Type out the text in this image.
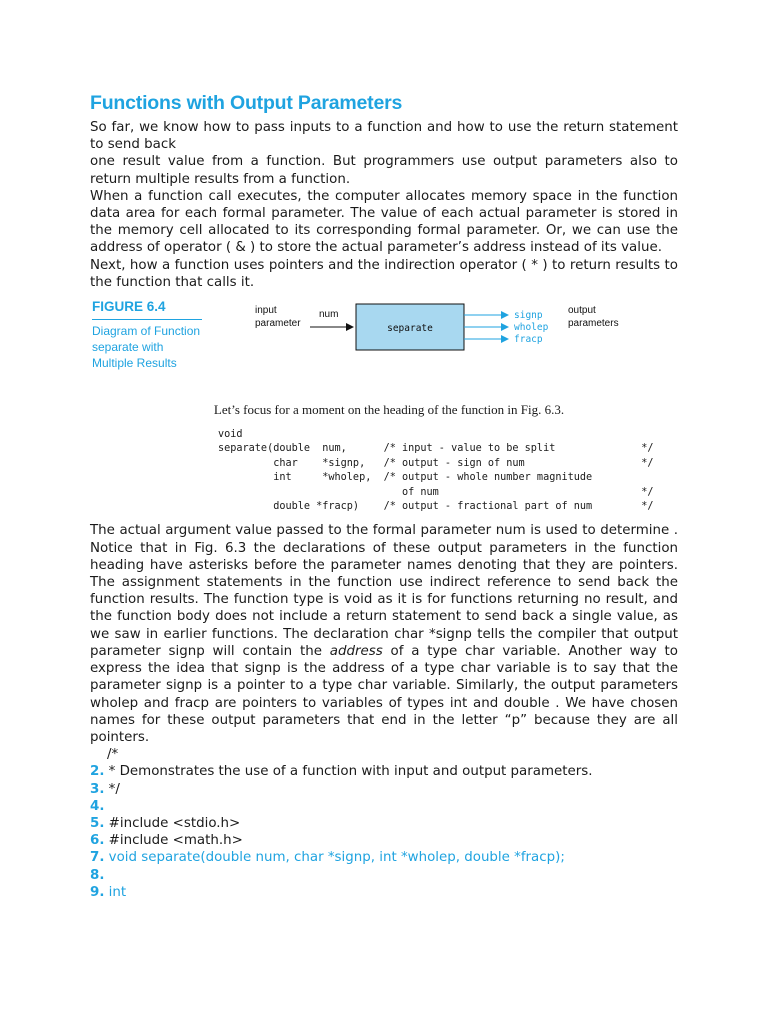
Functions with Output Parameters

So far, we know how to pass inputs to a function and how to use the return statement to send back

one result value from a function. But programmers use output parameters also to return multiple results from a function.

When a function call executes, the computer allocates memory space in the function data area for each formal parameter. The value of each actual parameter is stored in the memory cell allocated to its corresponding formal parameter. Or, we can use the address of operator ( & ) to store the actual parameter’s address instead of its value.

Next, how a function uses pointers and the indirection operator ( * ) to return results to the function that calls it.

FIGURE 6.4
Diagram of Function separate with Multiple Results
input
parameter
num
separate
signp
wholep
fracp
output
parameters
Let’s focus for a moment on the heading of the function in Fig. 6.3.
void
separate(double  num,      /* input - value to be split              */
char    *signp,   /* output - sign of num                   */
int     *wholep,  /* output - whole number magnitude
of num                                 */
double *fracp)    /* output - fractional part of num        */

The actual argument value passed to the formal parameter num is used to determine . Notice that in Fig. 6.3 the declarations of these output parameters in the function heading have asterisks before the parameter names denoting that they are pointers. The assignment statements in the function use indirect reference to send back the function results. The function type is void as it is for functions returning no result, and the function body does not include a return statement to send back a single value, as we saw in earlier functions. The declaration char *signp tells the compiler that output parameter signp will contain the address of a type char variable. Another way to express the idea that signp is the address of a type char variable is to say that the parameter signp is a pointer to a type char variable. Similarly, the output parameters wholep and fracp are pointers to variables of types int and double . We have chosen names for these output parameters that end in the letter “p” because they are all pointers.

/*
2. * Demonstrates the use of a function with input and output parameters.
3. */
4.
5. #include <stdio.h>
6. #include <math.h>
7. void separate(double num, char *signp, int *wholep, double *fracp);
8.
9. int
